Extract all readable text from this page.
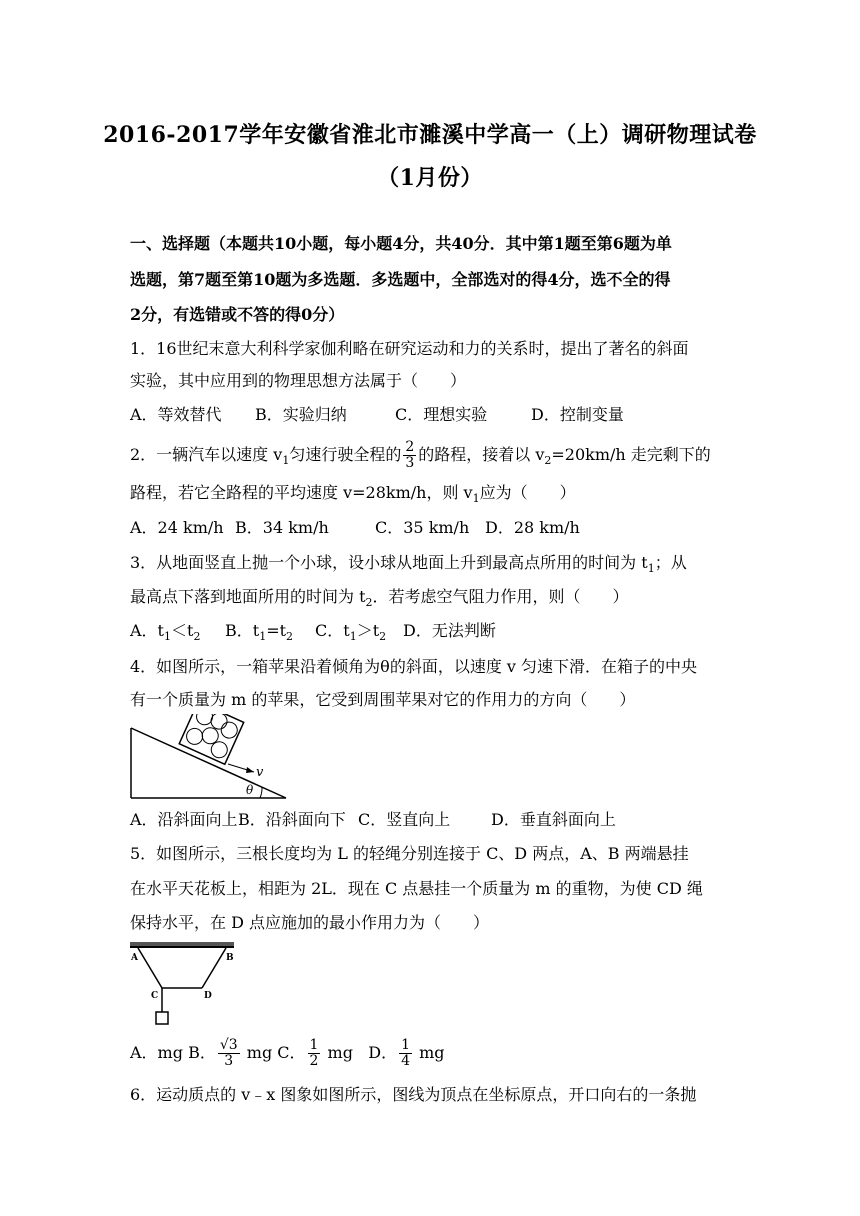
2016-2017学年安徽省淮北市濉溪中学高一（上）调研物理试卷
（1月份）
一、选择题（本题共10小题，每小题4分，共40分．其中第1题至第6题为单
选题，第7题至第10题为多选题．多选题中，全部选对的得4分，选不全的得
2分，有选错或不答的得0分）
1．16世纪末意大利科学家伽利略在研究运动和力的关系时，提出了著名的斜面
实验，其中应用到的物理思想方法属于（　　）
A．等效替代 B．实验归纳	C．理想实验	D．控制变量
2．一辆汽车以速度 $v_1$匀速行驶全程的 $\frac{2}{3}$ 的路程，接着以 $v_2=20km/h$ 走完剩下的
路程，若它全路程的平均速度 v=28km/h，则 $v_1$应为（　　）
A．24 km/h B．34 km/h	C．35 km/h D．28 km/h
3．从地面竖直上抛一个小球，设小球从地面上升到最高点所用的时间为 $t_1$；从
最高点下落到地面所用的时间为 $t_2$．若考虑空气阻力作用，则（　　）
A．$t_1<t_2$ B．$t_1=t_2$ C．$t_1>t_2$ D．无法判断
4．如图所示，一箱苹果沿着倾角为θ的斜面，以速度 v 匀速下滑．在箱子的中央
有一个质量为 m 的苹果，它受到周围苹果对它的作用力的方向（　　）
v
θ
A．沿斜面向上B．沿斜面向下 C．竖直向上	D．垂直斜面向上
5．如图所示，三根长度均为 L 的轻绳分别连接于 C、D 两点，A、B 两端悬挂
在水平天花板上，相距为 2L．现在 C 点悬挂一个质量为 m 的重物，为使 CD 绳
保持水平，在 D 点应施加的最小作用力为（　　）
A	B
C	D
A．mg B． $\frac{√3}{3}$ mg C． $\frac{1}{2}$ mg D． $\frac{1}{4}$ mg
6．运动质点的 v﹣x 图象如图所示，图线为顶点在坐标原点，开口向右的一条抛
